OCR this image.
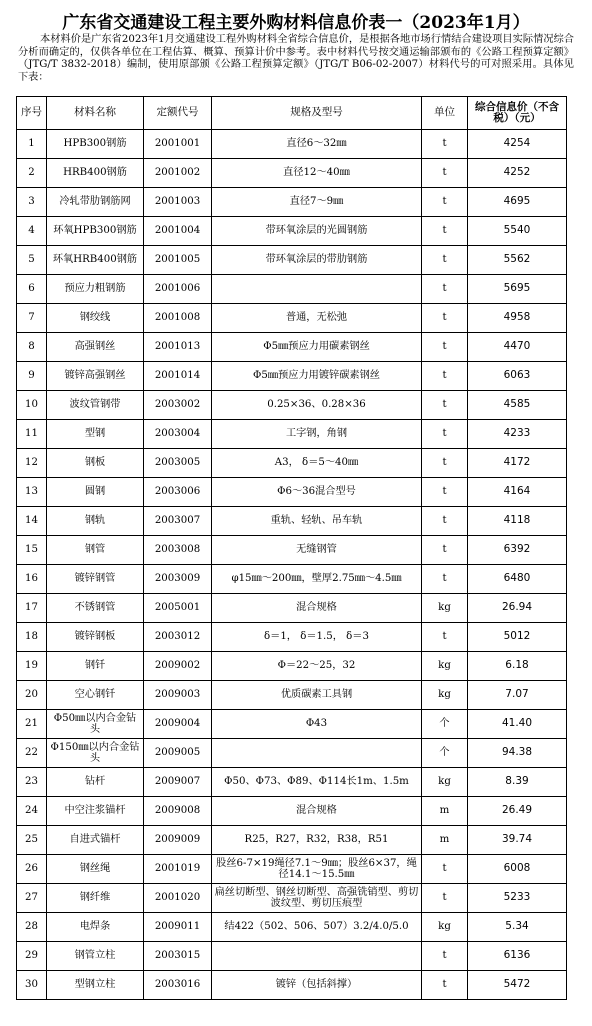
广东省交通建设工程主要外购材料信息价表一（2023年1月）
本材料价是广东省2023年1月交通建设工程外购材料全省综合信息价，是根据各地市场行情结合建设项目实际情况综合分析而确定的，仅供各单位在工程估算、概算、预算计价中参考。表中材料代号按交通运输部颁布的《公路工程预算定额》（JTG/T 3832-2018）编制，使用原部颁《公路工程预算定额》（JTG/T B06-02-2007）材料代号的可对照采用。具体见下表：
序号	材料名称	定额代号	规格及型号	单位	综合信息价（不含税）（元）
1	HPB300钢筋	2001001	直径6～32㎜	t	4254
2	HRB400钢筋	2001002	直径12～40㎜	t	4252
3	冷轧带肋钢筋网	2001003	直径7～9㎜	t	4695
4	环氧HPB300钢筋	2001004	带环氧涂层的光圆钢筋	t	5540
5	环氧HRB400钢筋	2001005	带环氧涂层的带肋钢筋	t	5562
6	预应力粗钢筋	2001006		t	5695
7	钢绞线	2001008	普通，无松弛	t	4958
8	高强钢丝	2001013	Φ5㎜预应力用碳素钢丝	t	4470
9	镀锌高强钢丝	2001014	Φ5㎜预应力用镀锌碳素钢丝	t	6063
10	波纹管钢带	2003002	0.25×36、0.28×36	t	4585
11	型钢	2003004	工字钢，角钢	t	4233
12	钢板	2003005	A3， δ＝5～40㎜	t	4172
13	圆钢	2003006	Φ6～36混合型号	t	4164
14	钢轨	2003007	重轨、轻轨、吊车轨	t	4118
15	钢管	2003008	无缝钢管	t	6392
16	镀锌钢管	2003009	φ15㎜～200㎜，壁厚2.75㎜～4.5㎜	t	6480
17	不锈钢管	2005001	混合规格	kg	26.94
18	镀锌钢板	2003012	δ＝1， δ＝1.5， δ＝3	t	5012
19	钢钎	2009002	Φ＝22～25，32	kg	6.18
20	空心钢钎	2009003	优质碳素工具钢	kg	7.07
21	Φ50㎜以内合金钻头	2009004	Φ43	个	41.40
22	Φ150㎜以内合金钻头	2009005		个	94.38
23	钻杆	2009007	Φ50、Φ73、Φ89、Φ114长1m、1.5m	kg	8.39
24	中空注浆锚杆	2009008	混合规格	m	26.49
25	自进式锚杆	2009009	R25，R27，R32，R38，R51	m	39.74
26	钢丝绳	2001019	股丝6-7×19绳径7.1～9㎜；股丝6×37，绳径14.1～15.5㎜	t	6008
27	钢纤维	2001020	扁丝切断型、钢丝切断型、高强铣销型、剪切波纹型、剪切压痕型	t	5233
28	电焊条	2009011	结422（502、506、507）3.2/4.0/5.0	kg	5.34
29	钢管立柱	2003015		t	6136
30	型钢立柱	2003016	镀锌（包括斜撑）	t	5472
